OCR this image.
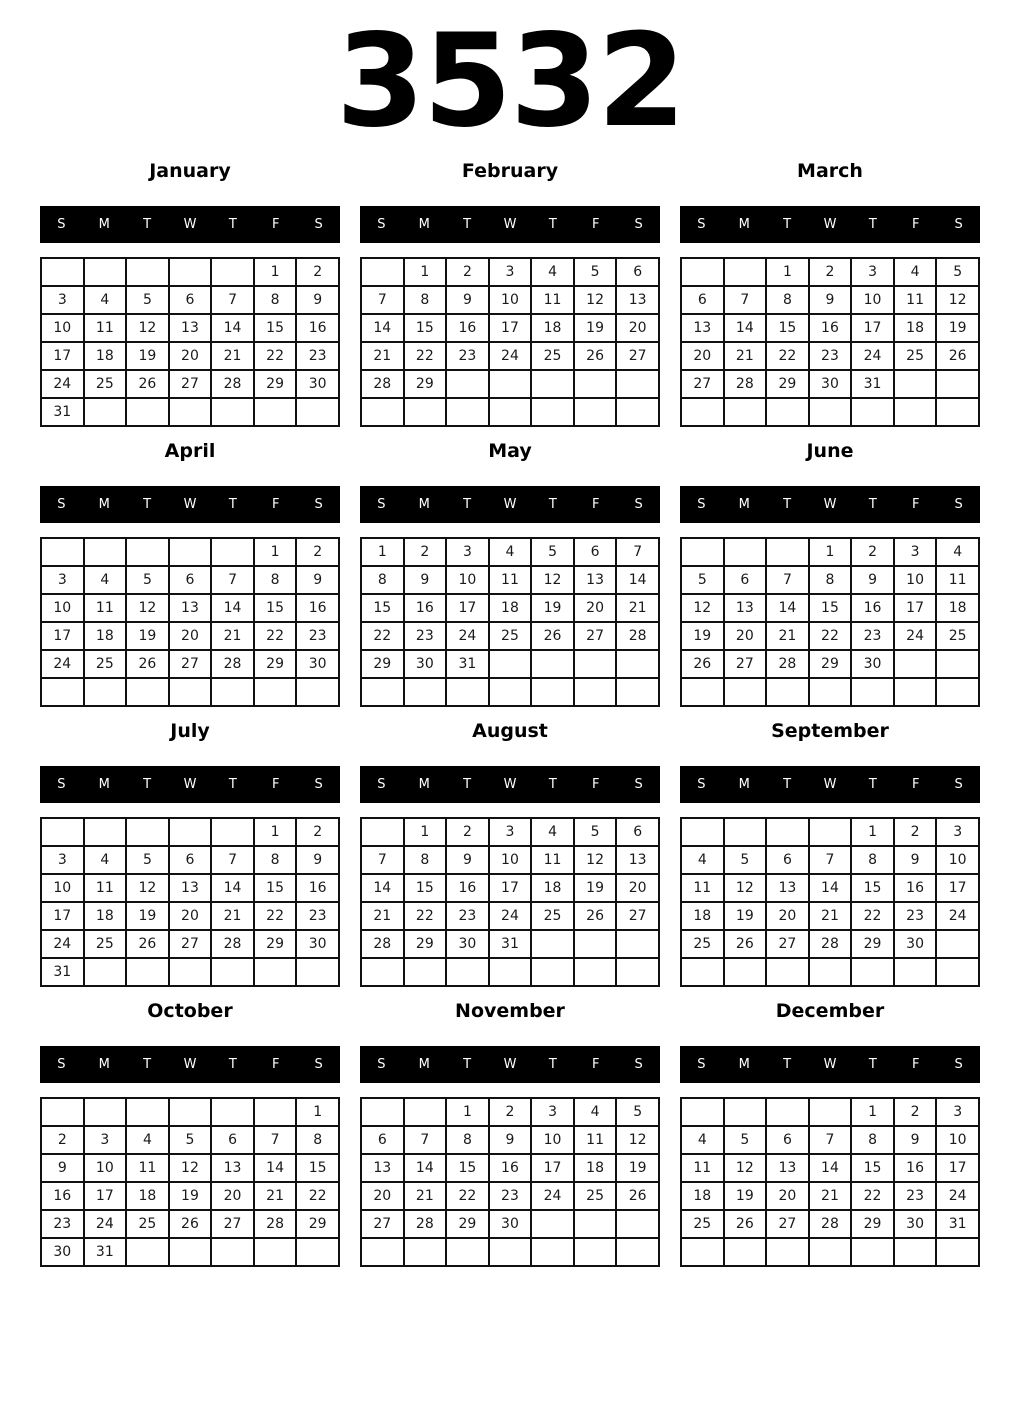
3532
January
S	M	T	W	T	F	S
					1	2
3	4	5	6	7	8	9
10	11	12	13	14	15	16
17	18	19	20	21	22	23
24	25	26	27	28	29	30
31						
February
S	M	T	W	T	F	S
	1	2	3	4	5	6
7	8	9	10	11	12	13
14	15	16	17	18	19	20
21	22	23	24	25	26	27
28	29					

March
S	M	T	W	T	F	S
		1	2	3	4	5
6	7	8	9	10	11	12
13	14	15	16	17	18	19
20	21	22	23	24	25	26
27	28	29	30	31		

April
S	M	T	W	T	F	S
					1	2
3	4	5	6	7	8	9
10	11	12	13	14	15	16
17	18	19	20	21	22	23
24	25	26	27	28	29	30

May
S	M	T	W	T	F	S
1	2	3	4	5	6	7
8	9	10	11	12	13	14
15	16	17	18	19	20	21
22	23	24	25	26	27	28
29	30	31				

June
S	M	T	W	T	F	S
			1	2	3	4
5	6	7	8	9	10	11
12	13	14	15	16	17	18
19	20	21	22	23	24	25
26	27	28	29	30		

July
S	M	T	W	T	F	S
					1	2
3	4	5	6	7	8	9
10	11	12	13	14	15	16
17	18	19	20	21	22	23
24	25	26	27	28	29	30
31						
August
S	M	T	W	T	F	S
	1	2	3	4	5	6
7	8	9	10	11	12	13
14	15	16	17	18	19	20
21	22	23	24	25	26	27
28	29	30	31			

September
S	M	T	W	T	F	S
				1	2	3
4	5	6	7	8	9	10
11	12	13	14	15	16	17
18	19	20	21	22	23	24
25	26	27	28	29	30	

October
S	M	T	W	T	F	S
						1
2	3	4	5	6	7	8
9	10	11	12	13	14	15
16	17	18	19	20	21	22
23	24	25	26	27	28	29
30	31					
November
S	M	T	W	T	F	S
		1	2	3	4	5
6	7	8	9	10	11	12
13	14	15	16	17	18	19
20	21	22	23	24	25	26
27	28	29	30			

December
S	M	T	W	T	F	S
				1	2	3
4	5	6	7	8	9	10
11	12	13	14	15	16	17
18	19	20	21	22	23	24
25	26	27	28	29	30	31
